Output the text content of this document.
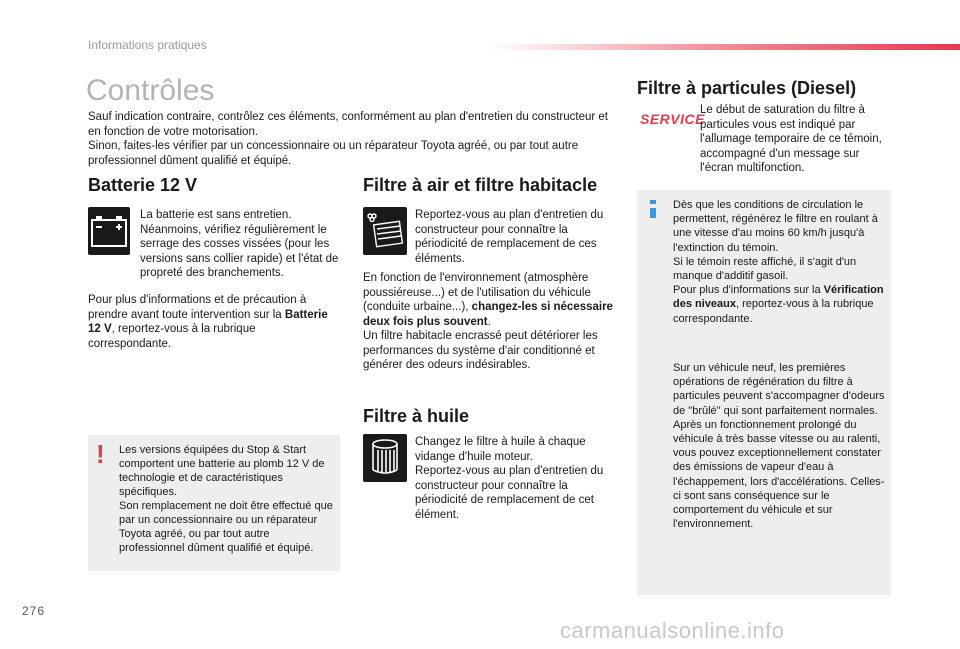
Informations pratiques
Contrôles

Sauf indication contraire, contrôlez ces éléments, conformément au plan d'entretien du constructeur et en fonction de votre motorisation.

Sinon, faites-les vérifier par un concessionnaire ou un réparateur Toyota agréé, ou par tout autre professionnel dûment qualifié et équipé.

Batterie 12 V
La batterie est sans entretien. Néanmoins, vérifiez régulièrement le serrage des cosses vissées (pour les versions sans collier rapide) et l'état de propreté des branchements.
Pour plus d'informations et de précaution à prendre avant toute intervention sur la Batterie 12 V, reportez-vous à la rubrique correspondante.
! Les versions équipées du Stop & Start comportent une batterie au plomb 12 V de technologie et de caractéristiques spécifiques.

Son remplacement ne doit être effectué que par un concessionnaire ou un réparateur Toyota agréé, ou par tout autre professionnel dûment qualifié et équipé.

Filtre à air et filtre habitacle
Reportez-vous au plan d'entretien du constructeur pour connaître la périodicité de remplacement de ces éléments.

En fonction de l'environnement (atmosphère poussiéreuse...) et de l'utilisation du véhicule (conduite urbaine...), changez-les si nécessaire deux fois plus souvent.

Un filtre habitacle encrassé peut détériorer les performances du système d'air conditionné et générer des odeurs indésirables.

Filtre à huile

Changez le filtre à huile à chaque vidange d'huile moteur.

Reportez-vous au plan d'entretien du constructeur pour connaître la périodicité de remplacement de cet élément.

Filtre à particules (Diesel)
SERVICE
Le début de saturation du filtre à particules vous est indiqué par l'allumage temporaire de ce témoin, accompagné d'un message sur l'écran multifonction.

Dès que les conditions de circulation le permettent, régénérez le filtre en roulant à une vitesse d'au moins 60 km/h jusqu'à l'extinction du témoin.

Si le témoin reste affiché, il s'agit d'un manque d'additif gasoil.

Pour plus d'informations sur la Vérification des niveaux, reportez-vous à la rubrique correspondante.

Sur un véhicule neuf, les premières opérations de régénération du filtre à particules peuvent s'accompagner d'odeurs de "brûlé" qui sont parfaitement normales.

Après un fonctionnement prolongé du véhicule à très basse vitesse ou au ralenti, vous pouvez exceptionnellement constater des émissions de vapeur d'eau à l'échappement, lors d'accélérations. Celles-ci sont sans conséquence sur le comportement du véhicule et sur l'environnement.

276
carmanualsonline.info
